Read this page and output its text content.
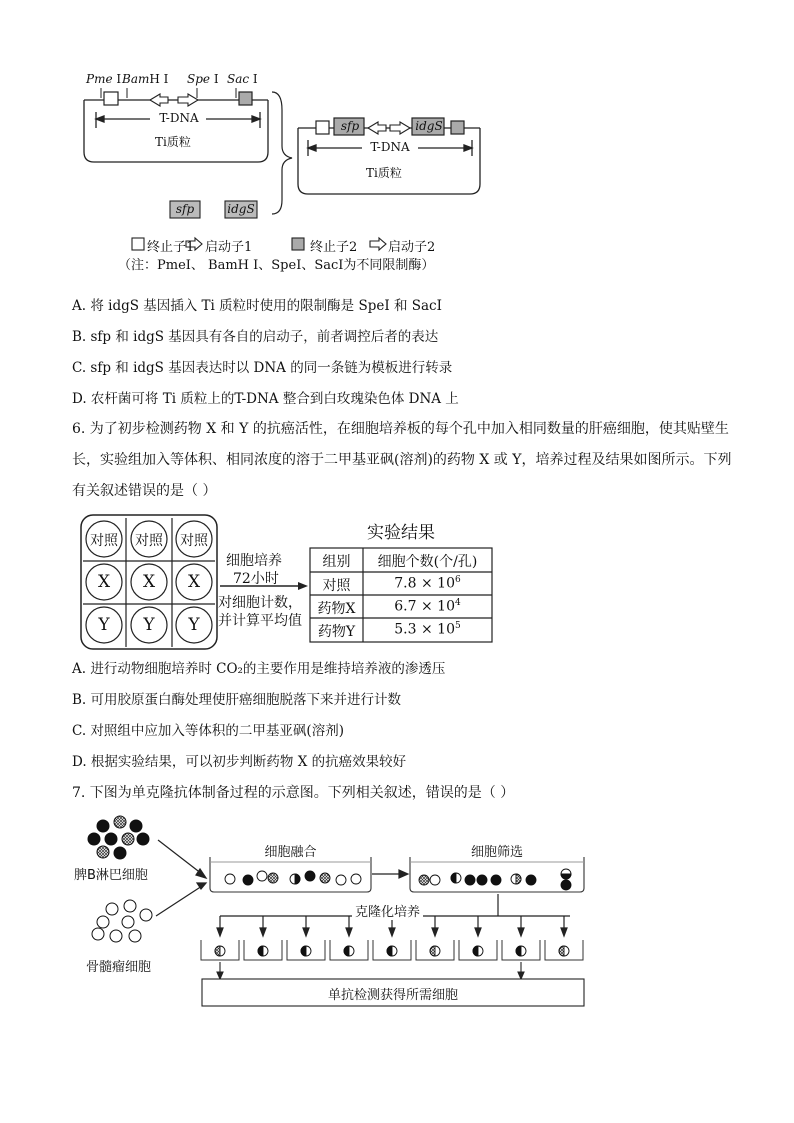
Pme I BamH I Spe I Sac I
T-DNA
Ti质粒
sfp	idgS
T-DNA
Ti质粒
sfp	idgS
终止子1 启动子1	终止子2 启动子2
（注：PmeI、 BamH I、SpeI、SacI为不同限制酶）
A. 将 idgS 基因插入 Ti 质粒时使用的限制酶是 SpeI 和 SacI
B. sfp 和 idgS 基因具有各自的启动子，前者调控后者的表达
C. sfp 和 idgS 基因表达时以 DNA 的同一条链为模板进行转录
D. 农杆菌可将 Ti 质粒上的T-DNA 整合到白玫瑰染色体 DNA 上
6. 为了初步检测药物 X 和 Y 的抗癌活性，在细胞培养板的每个孔中加入相同数量的肝癌细胞，使其贴壁生长，实验组加入等体积、相同浓度的溶于二甲基亚砜(溶剂)的药物 X 或 Y，培养过程及结果如图所示。下列有关叙述错误的是（ ）
对照 对照 对照
X	X	X
Y	Y	Y
细胞培养
72小时
对细胞计数，
并计算平均值
实验结果
组别	细胞个数(个/孔)
对照	$7.8 \times 10^6$
药物X	$6.7 \times 10^4$
药物Y	$5.3 \times 10^5$
A. 进行动物细胞培养时 CO₂的主要作用是维持培养液的渗透压
B. 可用胶原蛋白酶处理使肝癌细胞脱落下来并进行计数
C. 对照组中应加入等体积的二甲基亚砜(溶剂)
D. 根据实验结果，可以初步判断药物 X 的抗癌效果较好
7. 下图为单克隆抗体制备过程的示意图。下列相关叙述，错误的是（ ）
脾B淋巴细胞
骨髓瘤细胞
细胞融合	细胞筛选
克隆化培养
单抗检测获得所需细胞
